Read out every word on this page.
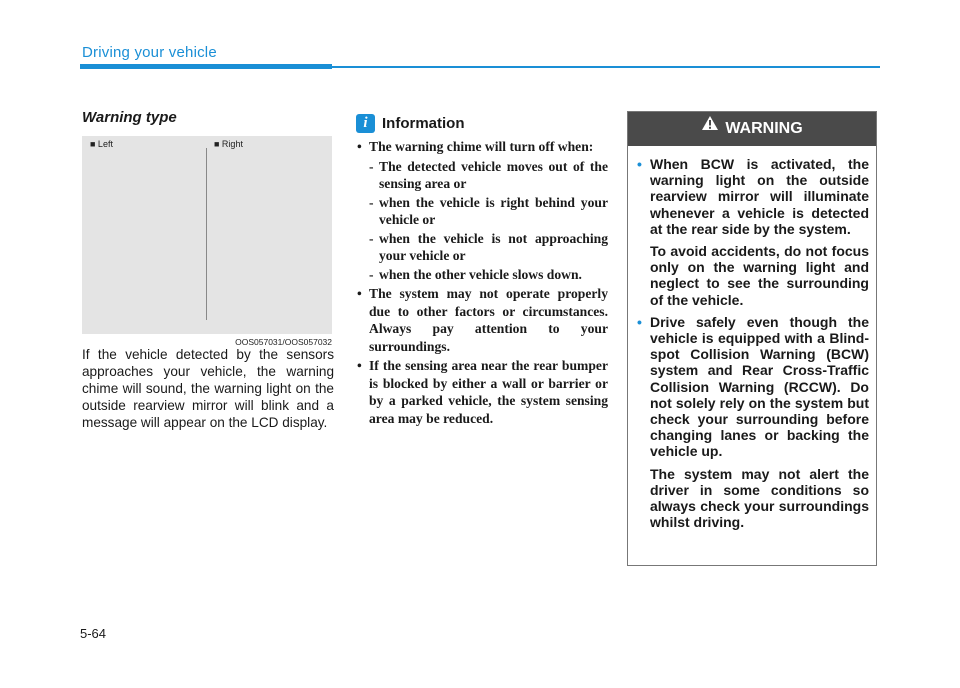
Driving your vehicle
Warning type
■ Left	■ Right
OOS057031/OOS057032
If the vehicle detected by the sensors approaches your vehicle, the warning chime will sound, the warning light on the outside rearview mirror will blink and a message will appear on the LCD display.
i Information
• The warning chime will turn off when:
- The detected vehicle moves out of the sensing area or
- when the vehicle is right behind your vehicle or
- when the vehicle is not approaching your vehicle or
- when the other vehicle slows down.
• The system may not operate properly due to other factors or circumstances. Always pay attention to your surroundings.
• If the sensing area near the rear bumper is blocked by either a wall or barrier or by a parked vehicle, the system sensing area may be reduced.
WARNING
• When BCW is activated, the warning light on the outside rearview mirror will illuminate whenever a vehicle is detected at the rear side by the system.

To avoid accidents, do not focus only on the warning light and neglect to see the surrounding of the vehicle.

• Drive safely even though the vehicle is equipped with a Blind-spot Collision Warning (BCW) system and Rear Cross-Traffic Collision Warning (RCCW). Do not solely rely on the system but check your surrounding before changing lanes or backing the vehicle up.

The system may not alert the driver in some conditions so always check your surroundings whilst driving.

5-64
